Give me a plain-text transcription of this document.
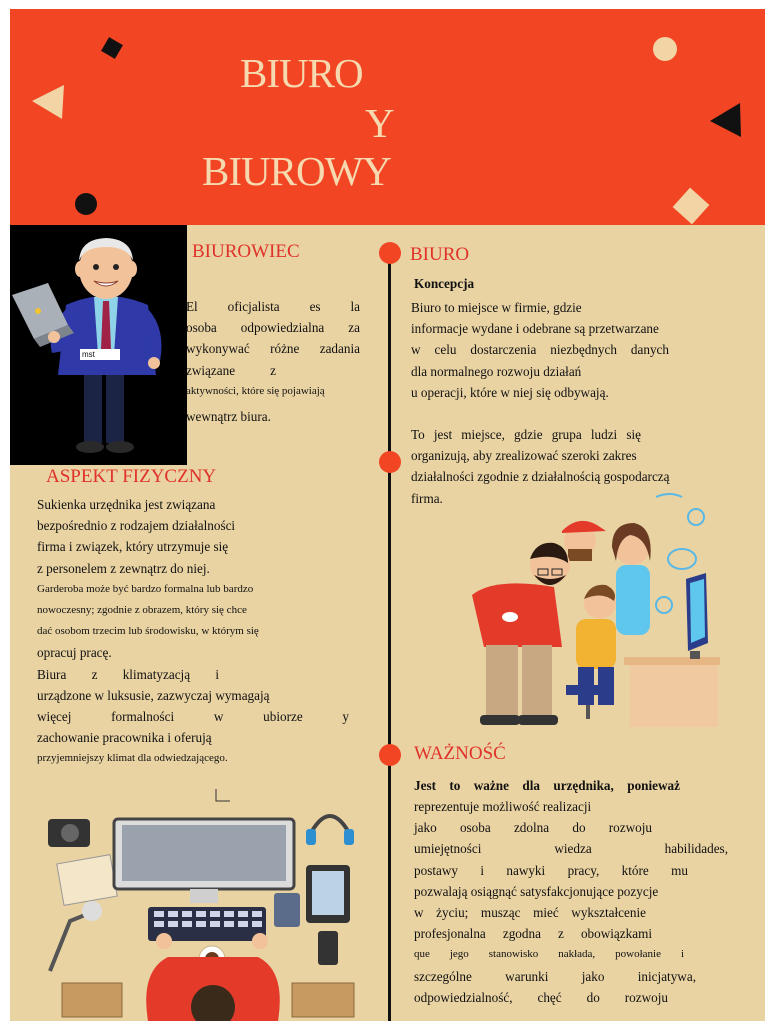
BIURO
Y
BIUROWY
mst
BIUROWIEC
El oficjalista es la
osoba odpowiedzialna za
wykonywać różne zadania
związane z
aktywności, które się pojawiają
wewnątrz biura.
ASPEKT FIZYCZNY
Sukienka urzędnika jest związana
bezpośrednio z rodzajem działalności
firma i związek, który utrzymuje się
z personelem z zewnątrz do niej.
Garderoba może być bardzo formalna lub bardzo
nowoczesny; zgodnie z obrazem, który się chce
dać osobom trzecim lub środowisku, w którym się
opracuj pracę.
Biura z klimatyzacją i
urządzone w luksusie, zazwyczaj wymagają
więcej formalności w ubiorze y
zachowanie pracownika i oferują
przyjemniejszy klimat dla odwiedzającego.
BIURO
Koncepcja
Biuro to miejsce w firmie, gdzie
informacje wydane i odebrane są przetwarzane
w celu dostarczenia niezbędnych danych
dla normalnego rozwoju działań
u operacji, które w niej się odbywają.
To jest miejsce, gdzie grupa ludzi się
organizują, aby zrealizować szeroki zakres
działalności zgodnie z działalnością gospodarczą
firma.
WAŻNOŚĆ
Jest to ważne dla urzędnika, ponieważ
reprezentuje możliwość realizacji
jako osoba zdolna do rozwoju
umiejętności wiedza habilidades,
postawy i nawyki pracy, które mu
pozwalają osiągnąć satysfakcjonujące pozycje
w życiu; musząc mieć wykształcenie
profesjonalna zgodna z obowiązkami
que jego stanowisko nakłada, powołanie i
szczególne warunki jako inicjatywa,
odpowiedzialność, chęć do rozwoju
